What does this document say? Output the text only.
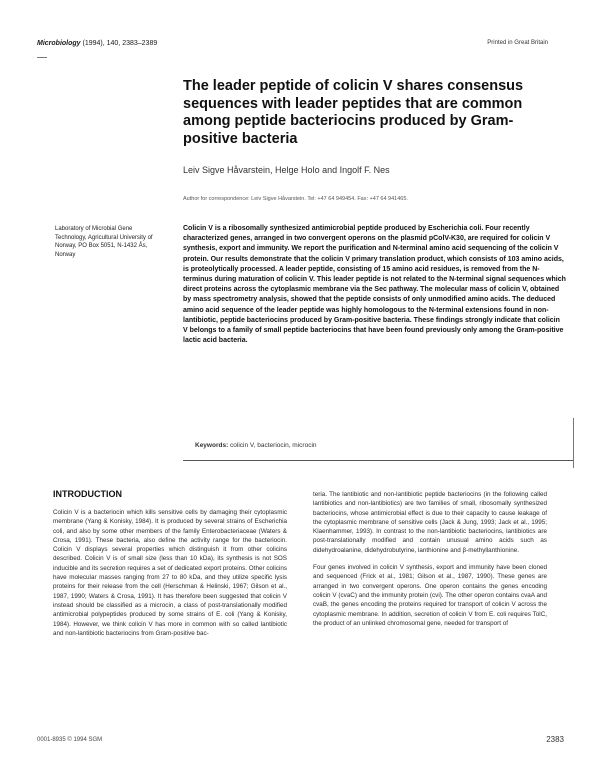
Microbiology (1994), 140, 2383–2389	Printed in Great Britain
The leader peptide of colicin V shares consensus sequences with leader peptides that are common among peptide bacteriocins produced by Gram-positive bacteria
Leiv Sigve Håvarstein, Helge Holo and Ingolf F. Nes
Author for correspondence: Leiv Sigve Håvarstein. Tel: +47 64 949454. Fax: +47 64 941465.
Laboratory of Microbial Gene Technology, Agricultural University of Norway, PO Box 5051, N-1432 Ås, Norway
Colicin V is a ribosomally synthesized antimicrobial peptide produced by Escherichia coli. Four recently characterized genes, arranged in two convergent operons on the plasmid pColV-K30, are required for colicin V synthesis, export and immunity. We report the purification and N-terminal amino acid sequencing of the colicin V protein. Our results demonstrate that the colicin V primary translation product, which consists of 103 amino acids, is proteolytically processed. A leader peptide, consisting of 15 amino acid residues, is removed from the N-terminus during maturation of colicin V. This leader peptide is not related to the N-terminal signal sequences which direct proteins across the cytoplasmic membrane via the Sec pathway. The molecular mass of colicin V, obtained by mass spectrometry analysis, showed that the peptide consists of only unmodified amino acids. The deduced amino acid sequence of the leader peptide was highly homologous to the N-terminal extensions found in non-lantibiotic, peptide bacteriocins produced by Gram-positive bacteria. These findings strongly indicate that colicin V belongs to a family of small peptide bacteriocins that have been found previously only among the Gram-positive lactic acid bacteria.
Keywords: colicin V, bacteriocin, microcin
INTRODUCTION

Colicin V is a bacteriocin which kills sensitive cells by damaging their cytoplasmic membrane (Yang & Konisky, 1984). It is produced by several strains of Escherichia coli, and also by some other members of the family Enterobacteriaceae (Waters & Crosa, 1991). These bacteria, also define the activity range for the bacteriocin. Colicin V displays several properties which distinguish it from other colicins described. Colicin V is of small size (less than 10 kDa), its synthesis is not SOS inducible and its secretion requires a set of dedicated export proteins. Other colicins have molecular masses ranging from 27 to 80 kDa, and they utilize specific lysis proteins for their release from the cell (Herschman & Helinski, 1967; Gilson et al., 1987, 1990; Waters & Crosa, 1991). It has therefore been suggested that colicin V instead should be classified as a microcin, a class of post-translationally modified antimicrobial polypeptides produced by some strains of E. coli (Yang & Konisky, 1984). However, we think colicin V has more in common with so called lantibiotic and non-lantibiotic bacteriocins from Gram-positive bac-

teria. The lantibiotic and non-lantibiotic peptide bacteriocins (in the following called lantibiotics and non-lantibiotics) are two families of small, ribosomally synthesized bacteriocins, whose antimicrobial effect is due to their capacity to cause leakage of the cytoplasmic membrane of sensitive cells (Jack & Jung, 1993; Jack et al., 1995; Klaenhammer, 1993). In contrast to the non-lantibiotic bacteriocins, lantibiotics are post-translationally modified and contain unusual amino acids such as didehydroalanine, didehydrobutyrine, lanthionine and β-methyllanthionine.

Four genes involved in colicin V synthesis, export and immunity have been cloned and sequenced (Frick et al., 1981; Gilson et al., 1987, 1990). These genes are arranged in two convergent operons. One operon contains the genes encoding colicin V (cvaC) and the immunity protein (cvi). The other operon contains cvaA and cvaB, the genes encoding the proteins required for transport of colicin V across the cytoplasmic membrane. In addition, secretion of colicin V from E. coli requires TolC, the product of an unlinked chromosomal gene, needed for transport of

0001-8935 © 1994 SGM	2383
